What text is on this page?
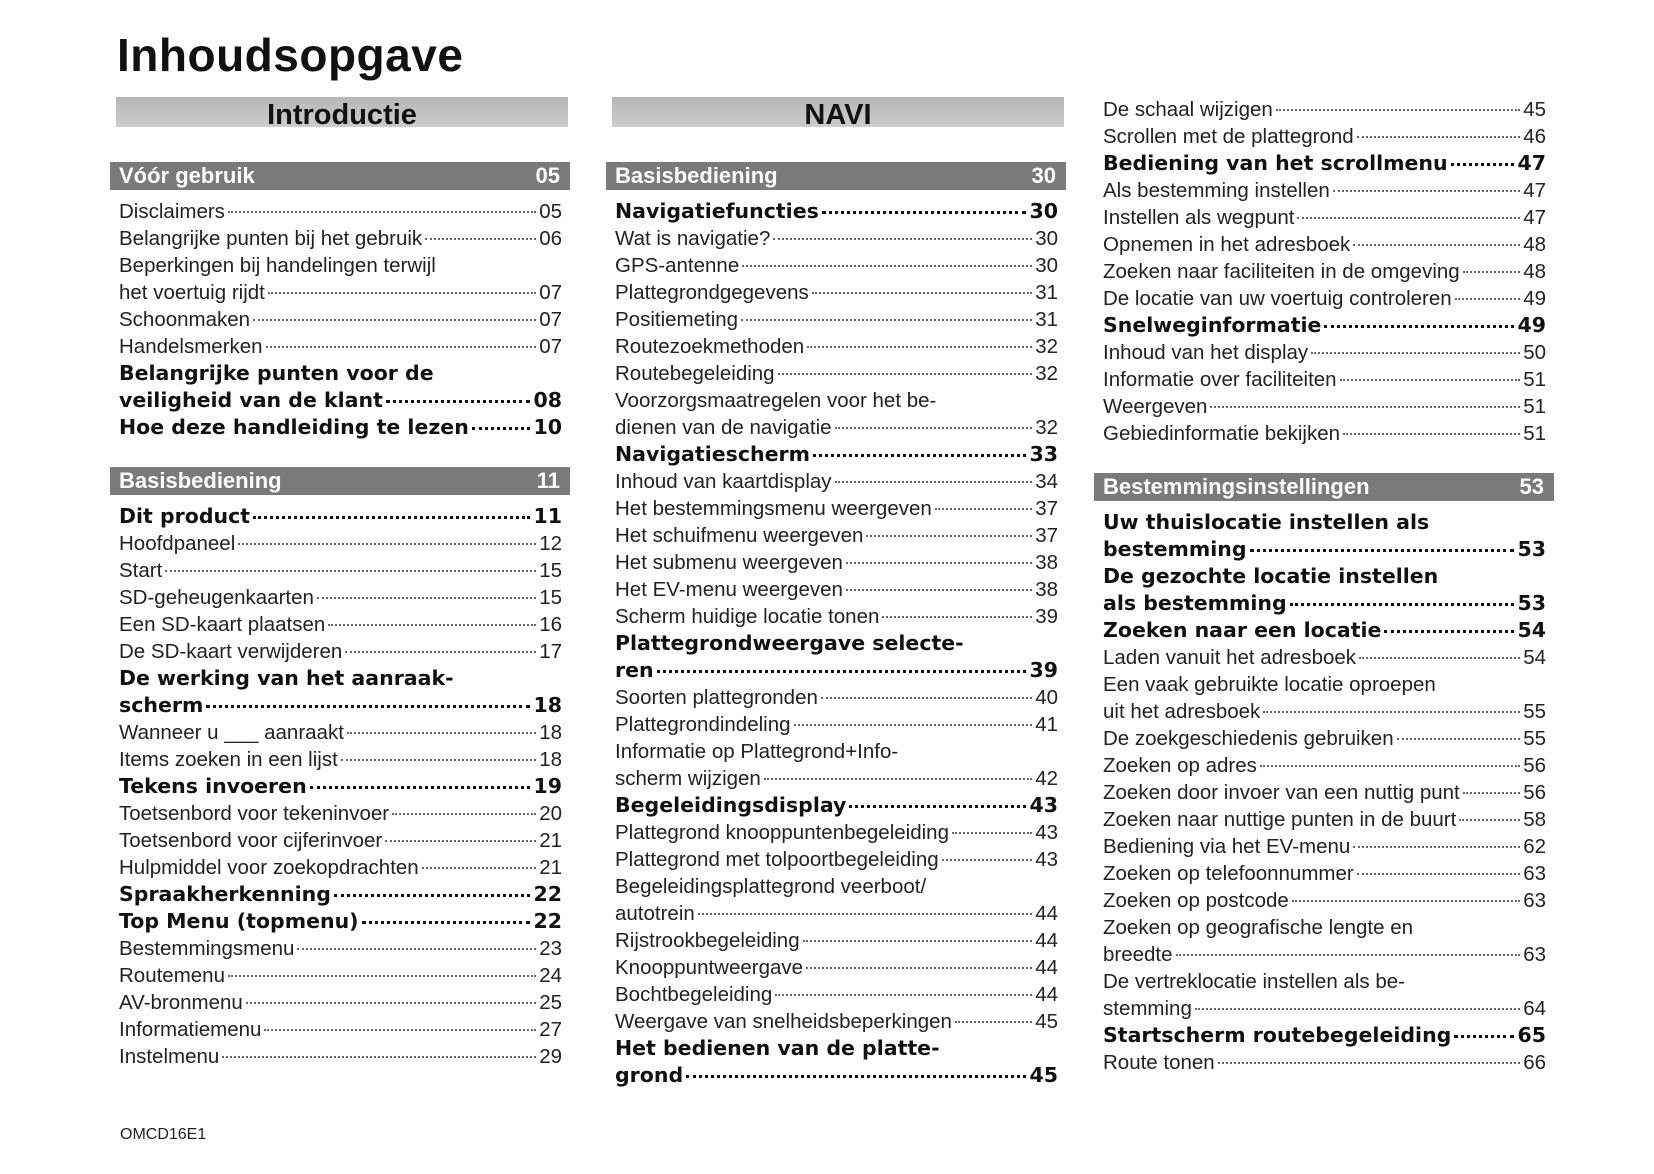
Inhoudsopgave
Introductie
Vóór gebruik	05
Disclaimers	05
Belangrijke punten bij het gebruik	06
Beperkingen bij handelingen terwijl
het voertuig rijdt	07
Schoonmaken	07
Handelsmerken	07
Belangrijke punten voor de
veiligheid van de klant	08
Hoe deze handleiding te lezen	10
Basisbediening	11
Dit product	11
Hoofdpaneel	12
Start	15
SD-geheugenkaarten	15
Een SD-kaart plaatsen	16
De SD-kaart verwijderen	17
De werking van het aanraak-
scherm	18
Wanneer u ___ aanraakt	18
Items zoeken in een lijst	18
Tekens invoeren	19
Toetsenbord voor tekeninvoer	20
Toetsenbord voor cijferinvoer	21
Hulpmiddel voor zoekopdrachten	21
Spraakherkenning	22
Top Menu (topmenu)	22
Bestemmingsmenu	23
Routemenu	24
AV-bronmenu	25
Informatiemenu	27
Instelmenu	29
NAVI
Basisbediening	30
Navigatiefuncties	30
Wat is navigatie?	30
GPS-antenne	30
Plattegrondgegevens	31
Positiemeting	31
Routezoekmethoden	32
Routebegeleiding	32
Voorzorgsmaatregelen voor het be-
dienen van de navigatie	32
Navigatiescherm	33
Inhoud van kaartdisplay	34
Het bestemmingsmenu weergeven	37
Het schuifmenu weergeven	37
Het submenu weergeven	38
Het EV-menu weergeven	38
Scherm huidige locatie tonen	39
Plattegrondweergave selecte-
ren	39
Soorten plattegronden	40
Plattegrondindeling	41
Informatie op Plattegrond+Info-
scherm wijzigen	42
Begeleidingsdisplay	43
Plattegrond knooppuntenbegeleiding	43
Plattegrond met tolpoortbegeleiding	43
Begeleidingsplattegrond veerboot/
autotrein	44
Rijstrookbegeleiding	44
Knooppuntweergave	44
Bochtbegeleiding	44
Weergave van snelheidsbeperkingen	45
Het bedienen van de platte-
grond	45
De schaal wijzigen	45
Scrollen met de plattegrond	46
Bediening van het scrollmenu	47
Als bestemming instellen	47
Instellen als wegpunt	47
Opnemen in het adresboek	48
Zoeken naar faciliteiten in de omgeving	48
De locatie van uw voertuig controleren	49
Snelweginformatie	49
Inhoud van het display	50
Informatie over faciliteiten	51
Weergeven	51
Gebiedinformatie bekijken	51
Bestemmingsinstellingen	53
Uw thuislocatie instellen als
bestemming	53
De gezochte locatie instellen
als bestemming	53
Zoeken naar een locatie	54
Laden vanuit het adresboek	54
Een vaak gebruikte locatie oproepen
uit het adresboek	55
De zoekgeschiedenis gebruiken	55
Zoeken op adres	56
Zoeken door invoer van een nuttig punt	56
Zoeken naar nuttige punten in de buurt	58
Bediening via het EV-menu	62
Zoeken op telefoonnummer	63
Zoeken op postcode	63
Zoeken op geografische lengte en
breedte	63
De vertreklocatie instellen als be-
stemming	64
Startscherm routebegeleiding	65
Route tonen	66
OMCD16E1
